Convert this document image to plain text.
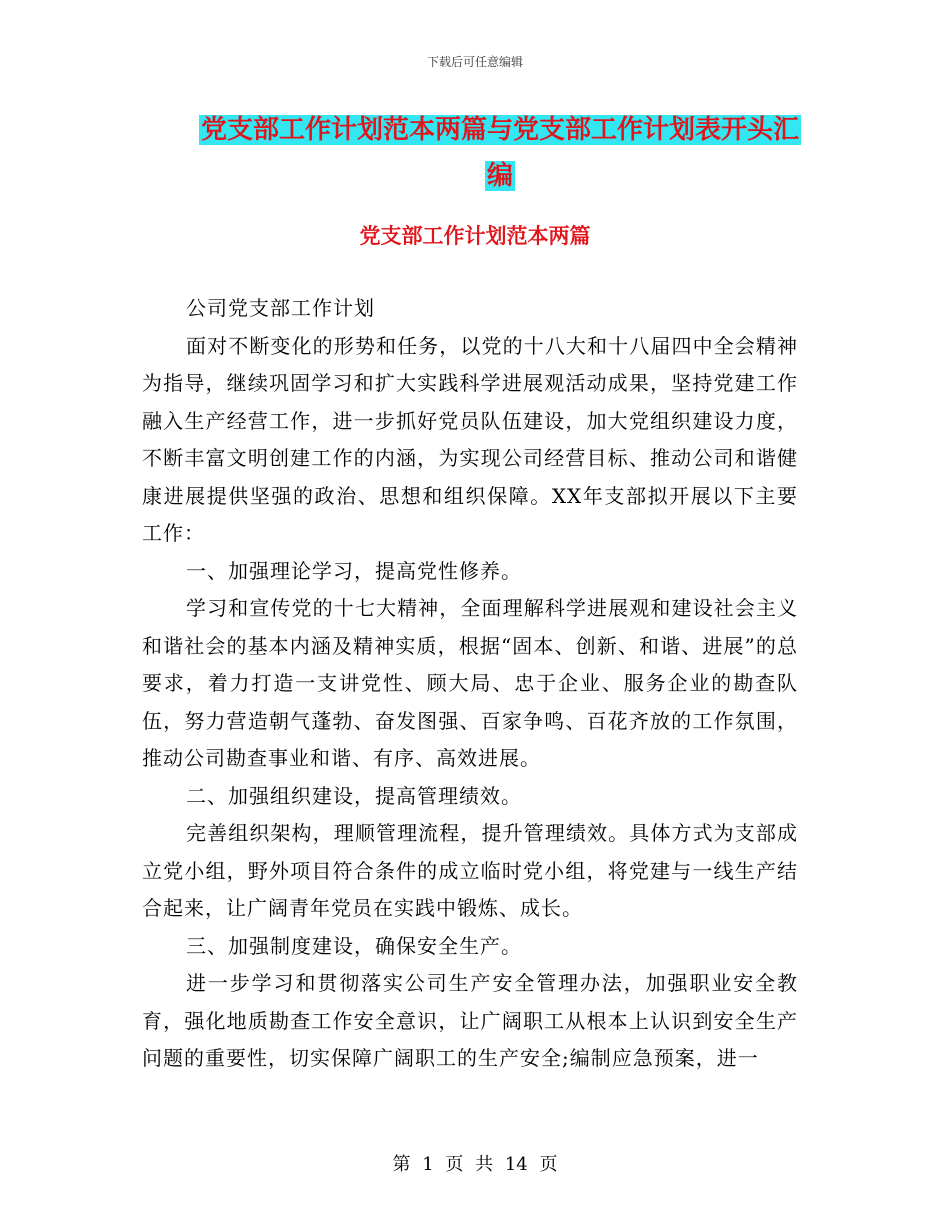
下载后可任意编辑
党支部工作计划范本两篇与党支部工作计划表开头汇
编
党支部工作计划范本两篇

公司党支部工作计划

面对不断变化的形势和任务，以党的十八大和十八届四中全会精神为指导，继续巩固学习和扩大实践科学进展观活动成果，坚持党建工作融入生产经营工作，进一步抓好党员队伍建设，加大党组织建设力度，不断丰富文明创建工作的内涵，为实现公司经营目标、推动公司和谐健康进展提供坚强的政治、思想和组织保障。XX年支部拟开展以下主要工作：

一、加强理论学习，提高党性修养。

学习和宣传党的十七大精神，全面理解科学进展观和建设社会主义和谐社会的基本内涵及精神实质，根据“固本、创新、和谐、进展”的总要求，着力打造一支讲党性、顾大局、忠于企业、服务企业的勘查队伍，努力营造朝气蓬勃、奋发图强、百家争鸣、百花齐放的工作氛围，推动公司勘查事业和谐、有序、高效进展。

二、加强组织建设，提高管理绩效。

完善组织架构，理顺管理流程，提升管理绩效。具体方式为支部成立党小组，野外项目符合条件的成立临时党小组，将党建与一线生产结合起来，让广阔青年党员在实践中锻炼、成长。

三、加强制度建设，确保安全生产。

进一步学习和贯彻落实公司生产安全管理办法，加强职业安全教育，强化地质勘查工作安全意识，让广阔职工从根本上认识到安全生产问题的重要性，切实保障广阔职工的生产安全;编制应急预案，进一

第 1 页 共 14 页
